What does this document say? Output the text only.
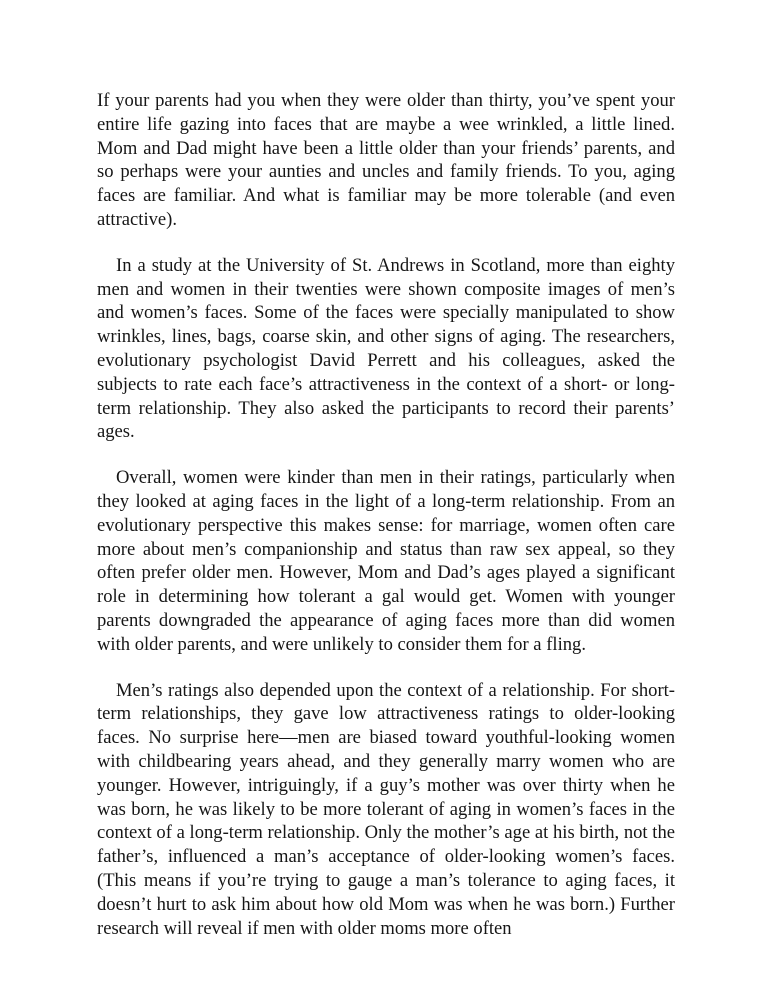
If your parents had you when they were older than thirty, you’ve spent your entire life gazing into faces that are maybe a wee wrinkled, a little lined. Mom and Dad might have been a little older than your friends’ parents, and so perhaps were your aunties and uncles and family friends. To you, aging faces are familiar. And what is familiar may be more tolerable (and even attractive).

In a study at the University of St. Andrews in Scotland, more than eighty men and women in their twenties were shown composite images of men’s and women’s faces. Some of the faces were specially manipulated to show wrinkles, lines, bags, coarse skin, and other signs of aging. The researchers, evolutionary psychologist David Perrett and his colleagues, asked the subjects to rate each face’s attractiveness in the context of a short- or long-term relationship. They also asked the participants to record their parents’ ages.

Overall, women were kinder than men in their ratings, particularly when they looked at aging faces in the light of a long-term relationship. From an evolutionary perspective this makes sense: for marriage, women often care more about men’s companionship and status than raw sex appeal, so they often prefer older men. However, Mom and Dad’s ages played a significant role in determining how tolerant a gal would get. Women with younger parents downgraded the appearance of aging faces more than did women with older parents, and were unlikely to consider them for a fling.

Men’s ratings also depended upon the context of a relationship. For short-term relationships, they gave low attractiveness ratings to older-looking faces. No surprise here—men are biased toward youthful-looking women with childbearing years ahead, and they generally marry women who are younger. However, intriguingly, if a guy’s mother was over thirty when he was born, he was likely to be more tolerant of aging in women’s faces in the context of a long-term relationship. Only the mother’s age at his birth, not the father’s, influenced a man’s acceptance of older-looking women’s faces. (This means if you’re trying to gauge a man’s tolerance to aging faces, it doesn’t hurt to ask him about how old Mom was when he was born.) Further research will reveal if men with older moms more often
